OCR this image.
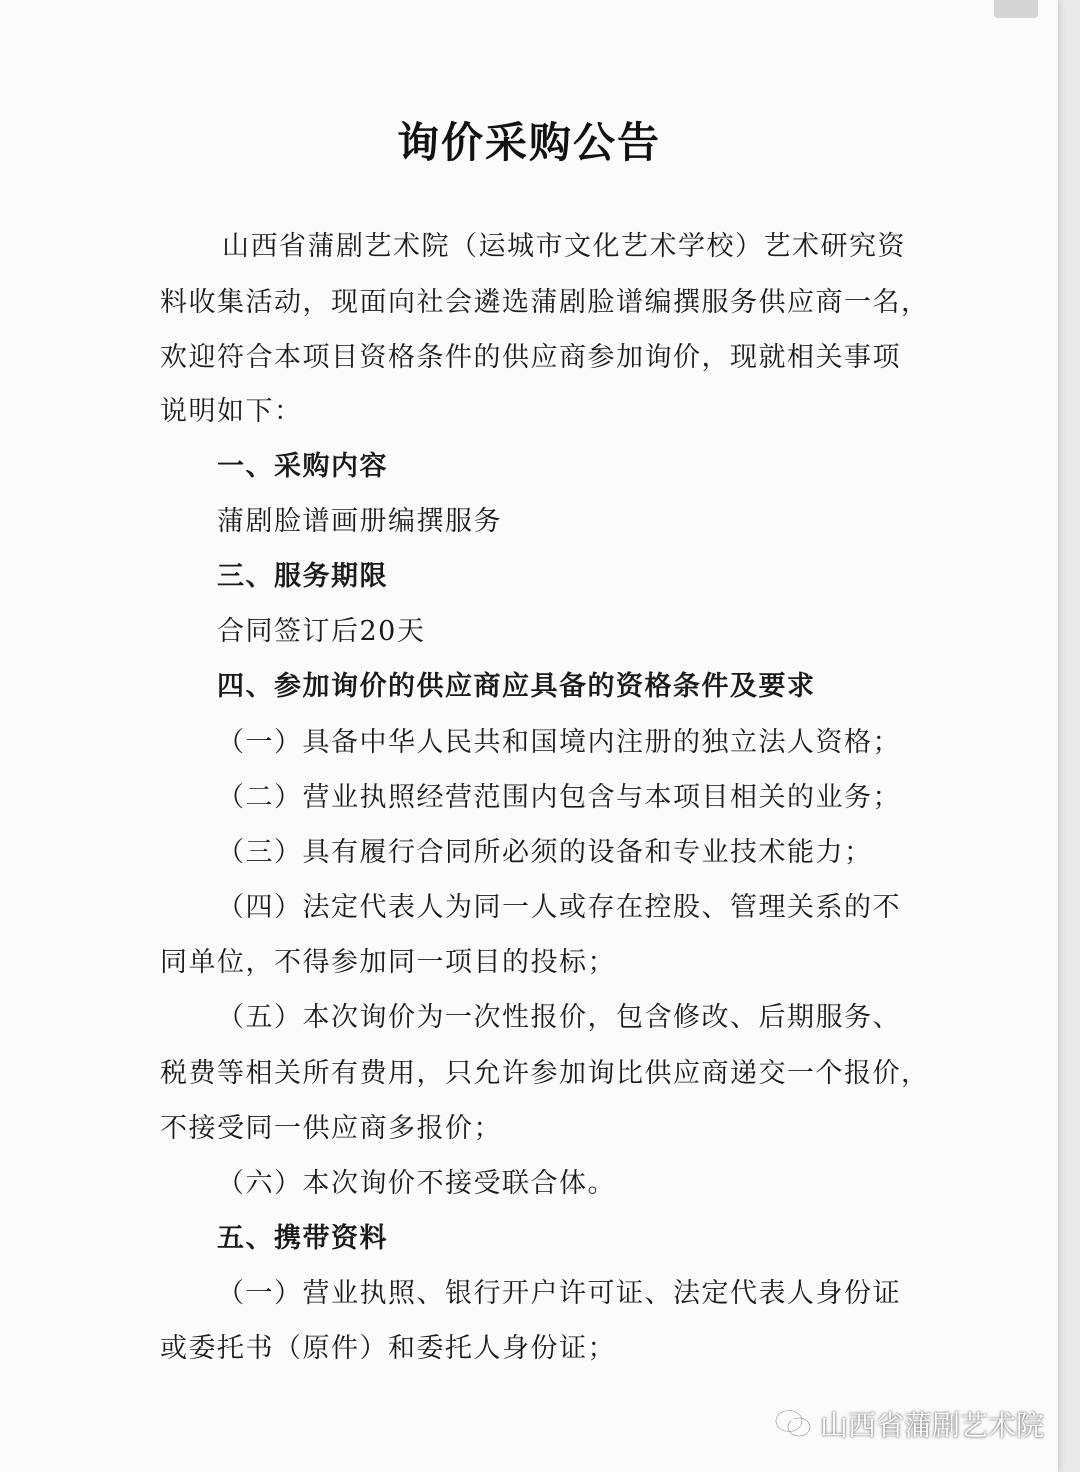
询价采购公告
山西省蒲剧艺术院（运城市文化艺术学校）艺术研究资
料收集活动，现面向社会遴选蒲剧脸谱编撰服务供应商一名，
欢迎符合本项目资格条件的供应商参加询价，现就相关事项
说明如下：
一、采购内容
蒲剧脸谱画册编撰服务
三、服务期限
合同签订后20天
四、参加询价的供应商应具备的资格条件及要求
（一）具备中华人民共和国境内注册的独立法人资格；
（二）营业执照经营范围内包含与本项目相关的业务；
（三）具有履行合同所必须的设备和专业技术能力；
（四）法定代表人为同一人或存在控股、管理关系的不
同单位，不得参加同一项目的投标；
（五）本次询价为一次性报价，包含修改、后期服务、
税费等相关所有费用，只允许参加询比供应商递交一个报价，
不接受同一供应商多报价；
（六）本次询价不接受联合体。
五、携带资料
（一）营业执照、银行开户许可证、法定代表人身份证
或委托书（原件）和委托人身份证；
山西省蒲剧艺术院
